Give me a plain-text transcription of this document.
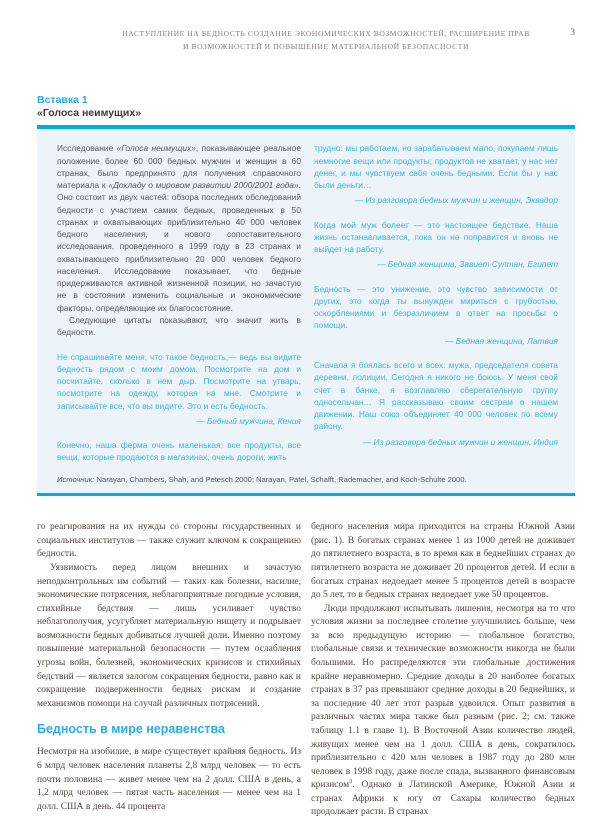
НАСТУПЛЕНИЕ НА БЕДНОСТЬ СОЗДАНИЕ ЭКОНОМИЧЕСКИХ ВОЗМОЖНОСТЕЙ, РАСШИРЕНИЕ ПРАВ
И ВОЗМОЖНОСТЕЙ И ПОВЫШЕНИЕ МАТЕРИАЛЬНОЙ БЕЗОПАСНОСТИ
3
Вставка 1
«Голоса неимущих»

Исследование «Голоса неимущих», показывающее реальное положение более 60 000 бедных мужчин и женщин в 60 странах, было предпринято для получения справочного материала к «Докладу о мировом развитии 2000/2001 года». Оно состоит из двух частей: обзора последних обследований бедности с участием самих бедных, проведенных в 50 странах и охватывающих приблизительно 40 000 человек бедного населения, и нового сопоставительного исследования, проведенного в 1999 году в 23 странах и охватывающего приблизительно 20 000 человек бедного населения. Исследование показывает, что бедные придерживаются активной жизненной позиции, но зачастую не в состоянии изменить социальные и экономические факторы, определяющие их благосостояние.

Следующие цитаты показывают, что значит жить в бедности.

Не спрашивайте меня, что такое бедность,— ведь вы видите бедность рядом с моим домом. Посмотрите на дом и посчитайте, сколько в нем дыр. Посмотрите на утварь, посмотрите на одежду, которая на мне. Смотрите и записывайте все, что вы видите. Это и есть бедность.

— Бедный мужчина, Кения

Конечно, наша ферма очень маленькая; все продукты, все вещи, которые продаются в магазинах, очень дороги; жить

трудно: мы работаем, но зарабатываем мало, покупаем лишь немногие вещи или продукты; продуктов не хватает, у нас нет денег, и мы чувствуем себя очень бедными. Если бы у нас были деньги…

— Из разговора бедных мужчин и женщин, Эквадор

Когда мой муж болеет — это настоящее бедствие. Наша жизнь останавливается, пока он не поправится и вновь не выйдет на работу.

— Бедная женщина, Завиет Султан, Египет

Бедность — это унижение, это чувство зависимости от других, это когда ты вынужден мириться с грубостью, оскорблениями и безразличием в ответ на просьбы о помощи.

— Бедная женщина, Латвия

Сначала я боялась всего и всех: мужа, председателя совета деревни, полиции. Сегодня я никого не боюсь. У меня свой счет в банке, я возглавляю сберегательную группу односельчан… Я рассказываю своим сестрам о нашем движении. Наш союз объединяет 40 000 человек по всему району.

— Из разговора бедных мужчин и женщин, Индия

Источник: Narayan, Chambers, Shah, and Petesch 2000; Narayan, Patel, Schafft, Rademacher, and Koch-Schulte 2000.

го реагирования на их нужды со стороны государственных и социальных институтов — также служит ключом к сокращению бедности.

Уязвимость перед лицом внешних и зачастую неподконтрольных им событий — таких как болезни, насилие, экономические потрясения, неблагоприятные погодные условия, стихийные бедствия — лишь усиливает чувство неблагополучия, усугубляет материальную нищету и подрывает возможности бедных добиваться лучшей доли. Именно поэтому повышение материальной безопасности — путем ослабления угрозы войн, болезней, экономических кризисов и стихийных бедствий — является залогом сокращения бедности, равно как и сокращение подверженности бедных рискам и создание механизмов помощи на случай различных потрясений.

Бедность в мире неравенства

Несмотря на изобилие, в мире существует крайняя бедность. Из 6 млрд человек населения планеты 2,8 млрд человек — то есть почти половина — живет менее чем на 2 долл. США в день, а 1,2 млрд человек — пятая часть населения — менее чем на 1 долл. США в день. 44 процента

бедного населения мира приходится на страны Южной Азии (рис. 1). В богатых странах менее 1 из 1000 детей не доживает до пятилетнего возраста, в то время как в беднейших странах до пятилетнего возраста не доживает 20 процентов детей. И если в богатых странах недоедает менее 5 процентов детей в возрасте до 5 лет, то в бедных странах недоедает уже 50 процентов.

Люди продолжают испытывать лишения, несмотря на то что условия жизни за последнее столетие улучшились больше, чем за всю предыдущую историю — глобальное богатство, глобальные связи и технические возможности никогда не были большими. Но распределяются эти глобальные достижения крайне неравномерно. Средние доходы в 20 наиболее богатых странах в 37 раз превышают средние доходы в 20 беднейших, и за последние 40 лет этот разрыв удвоился. Опыт развития в различных частях мира также был разным (рис. 2; см. также таблицу 1.1 в главе 1). В Восточной Азии количество людей, живущих менее чем на 1 долл. США в день, сократилось приблизительно с 420 млн человек в 1987 году до 280 млн человек в 1998 году, даже после спада, вызванного финансовым кризисом$^3$. Однако в Латинской Америке, Южной Азии и странах Африки к югу от Сахары количество бедных продолжает расти. В странах
